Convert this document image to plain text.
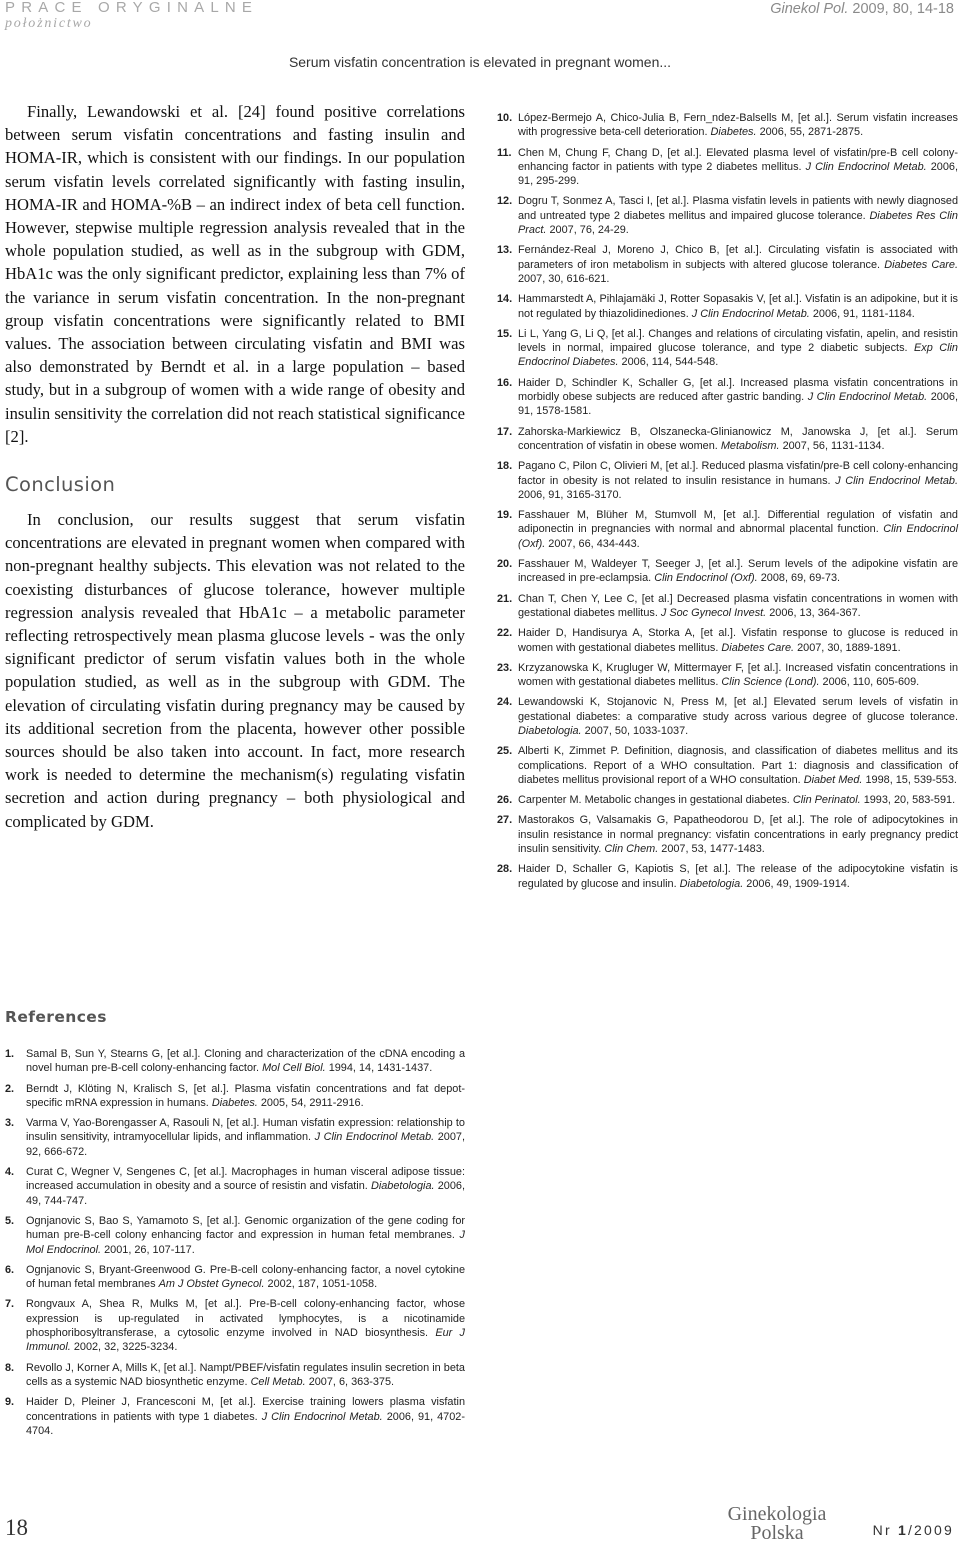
PRACE ORYGINALNE
położnictwo
Ginekol Pol. 2009, 80, 14-18
Serum visfatin concentration is elevated in pregnant women...

Finally, Lewandowski et al. [24] found positive correlations between serum visfatin concentrations and fasting insulin and HOMA-IR, which is consistent with our findings. In our population serum visfatin levels correlated significantly with fasting insulin, HOMA-IR and HOMA-%B – an indirect index of beta cell function. However, stepwise multiple regression analysis revealed that in the whole population studied, as well as in the subgroup with GDM, HbA1c was the only significant predictor, explaining less than 7% of the variance in serum visfatin concentration. In the non-pregnant group visfatin concentrations were significantly related to BMI values. The association between circulating visfatin and BMI was also demonstrated by Berndt et al. in a large population – based study, but in a subgroup of women with a wide range of obesity and insulin sensitivity the correlation did not reach statistical significance [2].

Conclusion

In conclusion, our results suggest that serum visfatin concentrations are elevated in pregnant women when compared with non-pregnant healthy subjects. This elevation was not related to the coexisting disturbances of glucose tolerance, however multiple regression analysis revealed that HbA1c – a metabolic parameter reflecting retrospectively mean plasma glucose levels - was the only significant predictor of serum visfatin values both in the whole population studied, as well as in the subgroup with GDM. The elevation of circulating visfatin during pregnancy may be caused by its additional secretion from the placenta, however other possible sources should be also taken into account. In fact, more research work is needed to determine the mechanism(s) regulating visfatin secretion and action during pregnancy – both physiological and complicated by GDM.

10. López-Bermejo A, Chico-Julia B, Fern_ndez-Balsells M, [et al.]. Serum visfatin increases with progressive beta-cell deterioration. Diabetes. 2006, 55, 2871-2875.
11. Chen M, Chung F, Chang D, [et al.]. Elevated plasma level of visfatin/pre-B cell colony-enhancing factor in patients with type 2 diabetes mellitus. J Clin Endocrinol Metab. 2006, 91, 295-299.
12. Dogru T, Sonmez A, Tasci I, [et al.]. Plasma visfatin levels in patients with newly diagnosed and untreated type 2 diabetes mellitus and impaired glucose tolerance. Diabetes Res Clin Pract. 2007, 76, 24-29.
13. Fernández-Real J, Moreno J, Chico B, [et al.]. Circulating visfatin is associated with parameters of iron metabolism in subjects with altered glucose tolerance. Diabetes Care. 2007, 30, 616-621.
14. Hammarstedt A, Pihlajamäki J, Rotter Sopasakis V, [et al.]. Visfatin is an adipokine, but it is not regulated by thiazolidinediones. J Clin Endocrinol Metab. 2006, 91, 1181-1184.
15. Li L, Yang G, Li Q, [et al.]. Changes and relations of circulating visfatin, apelin, and resistin levels in normal, impaired glucose tolerance, and type 2 diabetic subjects. Exp Clin Endocrinol Diabetes. 2006, 114, 544-548.
16. Haider D, Schindler K, Schaller G, [et al.]. Increased plasma visfatin concentrations in morbidly obese subjects are reduced after gastric banding. J Clin Endocrinol Metab. 2006, 91, 1578-1581.
17. Zahorska-Markiewicz B, Olszanecka-Glinianowicz M, Janowska J, [et al.]. Serum concentration of visfatin in obese women. Metabolism. 2007, 56, 1131-1134.
18. Pagano C, Pilon C, Olivieri M, [et al.]. Reduced plasma visfatin/pre-B cell colony-enhancing factor in obesity is not related to insulin resistance in humans. J Clin Endocrinol Metab. 2006, 91, 3165-3170.
19. Fasshauer M, Blüher M, Stumvoll M, [et al.]. Differential regulation of visfatin and adiponectin in pregnancies with normal and abnormal placental function. Clin Endocrinol (Oxf). 2007, 66, 434-443.
20. Fasshauer M, Waldeyer T, Seeger J, [et al.]. Serum levels of the adipokine visfatin are increased in pre-eclampsia. Clin Endocrinol (Oxf). 2008, 69, 69-73.
21. Chan T, Chen Y, Lee C, [et al.] Decreased plasma visfatin concentrations in women with gestational diabetes mellitus. J Soc Gynecol Invest. 2006, 13, 364-367.
22. Haider D, Handisurya A, Storka A, [et al.]. Visfatin response to glucose is reduced in women with gestational diabetes mellitus. Diabetes Care. 2007, 30, 1889-1891.
23. Krzyzanowska K, Krugluger W, Mittermayer F, [et al.]. Increased visfatin concentrations in women with gestational diabetes mellitus. Clin Science (Lond). 2006, 110, 605-609.
24. Lewandowski K, Stojanovic N, Press M, [et al.] Elevated serum levels of visfatin in gestational diabetes: a comparative study across various degree of glucose tolerance. Diabetologia. 2007, 50, 1033-1037.
25. Alberti K, Zimmet P. Definition, diagnosis, and classification of diabetes mellitus and its complications. Report of a WHO consultation. Part 1: diagnosis and classification of diabetes mellitus provisional report of a WHO consultation. Diabet Med. 1998, 15, 539-553.
26. Carpenter M. Metabolic changes in gestational diabetes. Clin Perinatol. 1993, 20, 583-591.
27. Mastorakos G, Valsamakis G, Papatheodorou D, [et al.]. The role of adipocytokines in insulin resistance in normal pregnancy: visfatin concentrations in early pregnancy predict insulin sensitivity. Clin Chem. 2007, 53, 1477-1483.
28. Haider D, Schaller G, Kapiotis S, [et al.]. The release of the adipocytokine visfatin is regulated by glucose and insulin. Diabetologia. 2006, 49, 1909-1914.
References
1. Samal B, Sun Y, Stearns G, [et al.]. Cloning and characterization of the cDNA encoding a novel human pre-B-cell colony-enhancing factor. Mol Cell Biol. 1994, 14, 1431-1437.
2. Berndt J, Klöting N, Kralisch S, [et al.]. Plasma visfatin concentrations and fat depot-specific mRNA expression in humans. Diabetes. 2005, 54, 2911-2916.
3. Varma V, Yao-Borengasser A, Rasouli N, [et al.]. Human visfatin expression: relationship to insulin sensitivity, intramyocellular lipids, and inflammation. J Clin Endocrinol Metab. 2007, 92, 666-672.
4. Curat C, Wegner V, Sengenes C, [et al.]. Macrophages in human visceral adipose tissue: increased accumulation in obesity and a source of resistin and visfatin. Diabetologia. 2006, 49, 744-747.
5. Ognjanovic S, Bao S, Yamamoto S, [et al.]. Genomic organization of the gene coding for human pre-B-cell colony enhancing factor and expression in human fetal membranes. J Mol Endocrinol. 2001, 26, 107-117.
6. Ognjanovic S, Bryant-Greenwood G. Pre-B-cell colony-enhancing factor, a novel cytokine of human fetal membranes Am J Obstet Gynecol. 2002, 187, 1051-1058.
7. Rongvaux A, Shea R, Mulks M, [et al.]. Pre-B-cell colony-enhancing factor, whose expression is up-regulated in activated lymphocytes, is a nicotinamide phosphoribosyltransferase, a cytosolic enzyme involved in NAD biosynthesis. Eur J Immunol. 2002, 32, 3225-3234.
8. Revollo J, Korner A, Mills K, [et al.]. Nampt/PBEF/visfatin regulates insulin secretion in beta cells as a systemic NAD biosynthetic enzyme. Cell Metab. 2007, 6, 363-375.
9. Haider D, Pleiner J, Francesconi M, [et al.]. Exercise training lowers plasma visfatin concentrations in patients with type 1 diabetes. J Clin Endocrinol Metab. 2006, 91, 4702-4704.
18
Ginekologia
Polska	Nr 1/2009
